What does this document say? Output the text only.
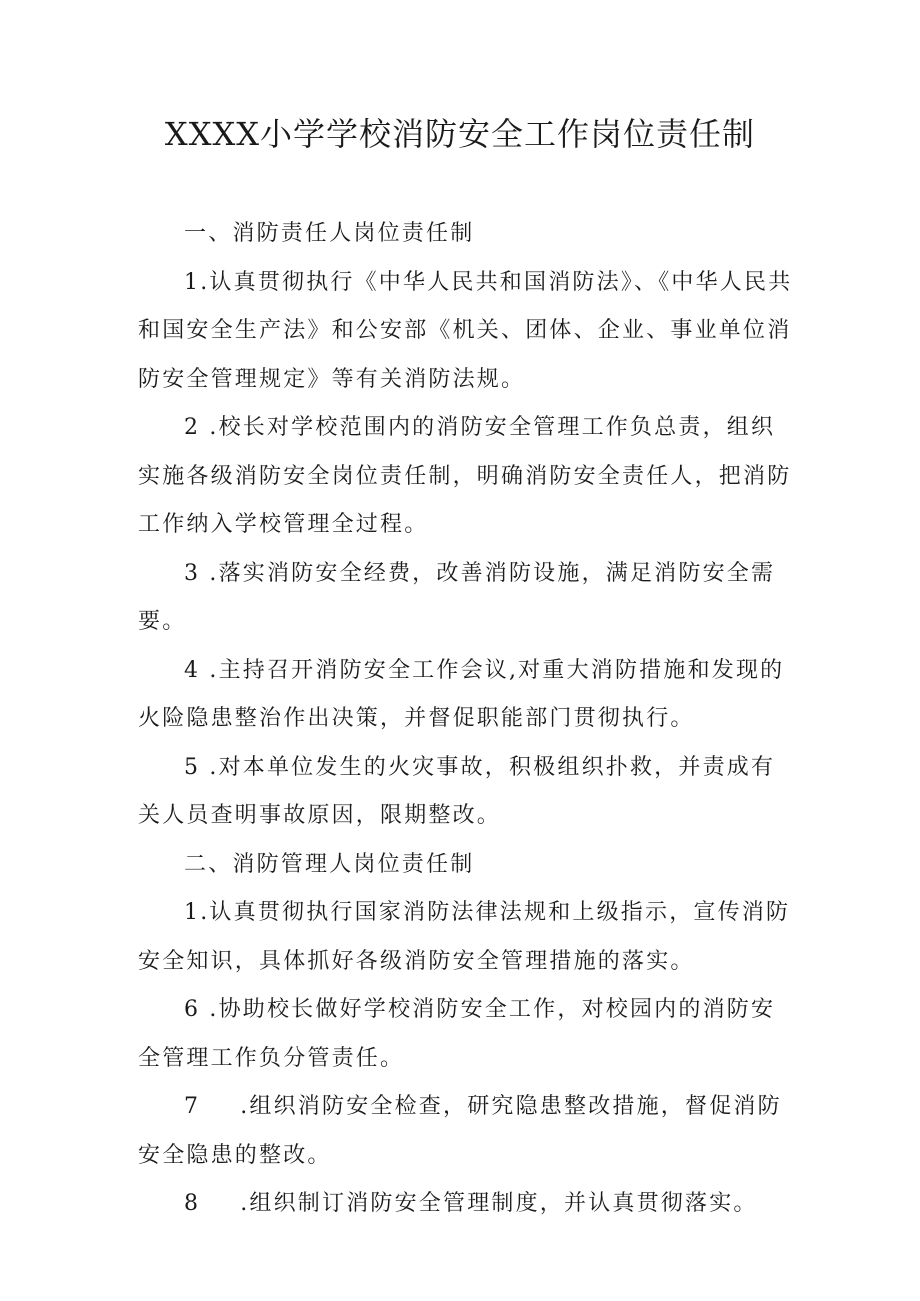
XXXX小学学校消防安全工作岗位责任制

一、消防责任人岗位责任制

1.认真贯彻执行《中华人民共和国消防法》、《中华人民共和国安全生产法》和公安部《机关、团体、企业、事业单位消防安全管理规定》等有关消防法规。

2 .校长对学校范围内的消防安全管理工作负总责，组织实施各级消防安全岗位责任制，明确消防安全责任人，把消防工作纳入学校管理全过程。

3 .落实消防安全经费，改善消防设施，满足消防安全需要。

4 .主持召开消防安全工作会议,对重大消防措施和发现的火险隐患整治作出决策，并督促职能部门贯彻执行。

5 .对本单位发生的火灾事故，积极组织扑救，并责成有关人员查明事故原因，限期整改。

二、消防管理人岗位责任制

1.认真贯彻执行国家消防法律法规和上级指示，宣传消防安全知识，具体抓好各级消防安全管理措施的落实。

6 .协助校长做好学校消防安全工作，对校园内的消防安全管理工作负分管责任。

7 .组织消防安全检查，研究隐患整改措施，督促消防安全隐患的整改。

8 .组织制订消防安全管理制度，并认真贯彻落实。
